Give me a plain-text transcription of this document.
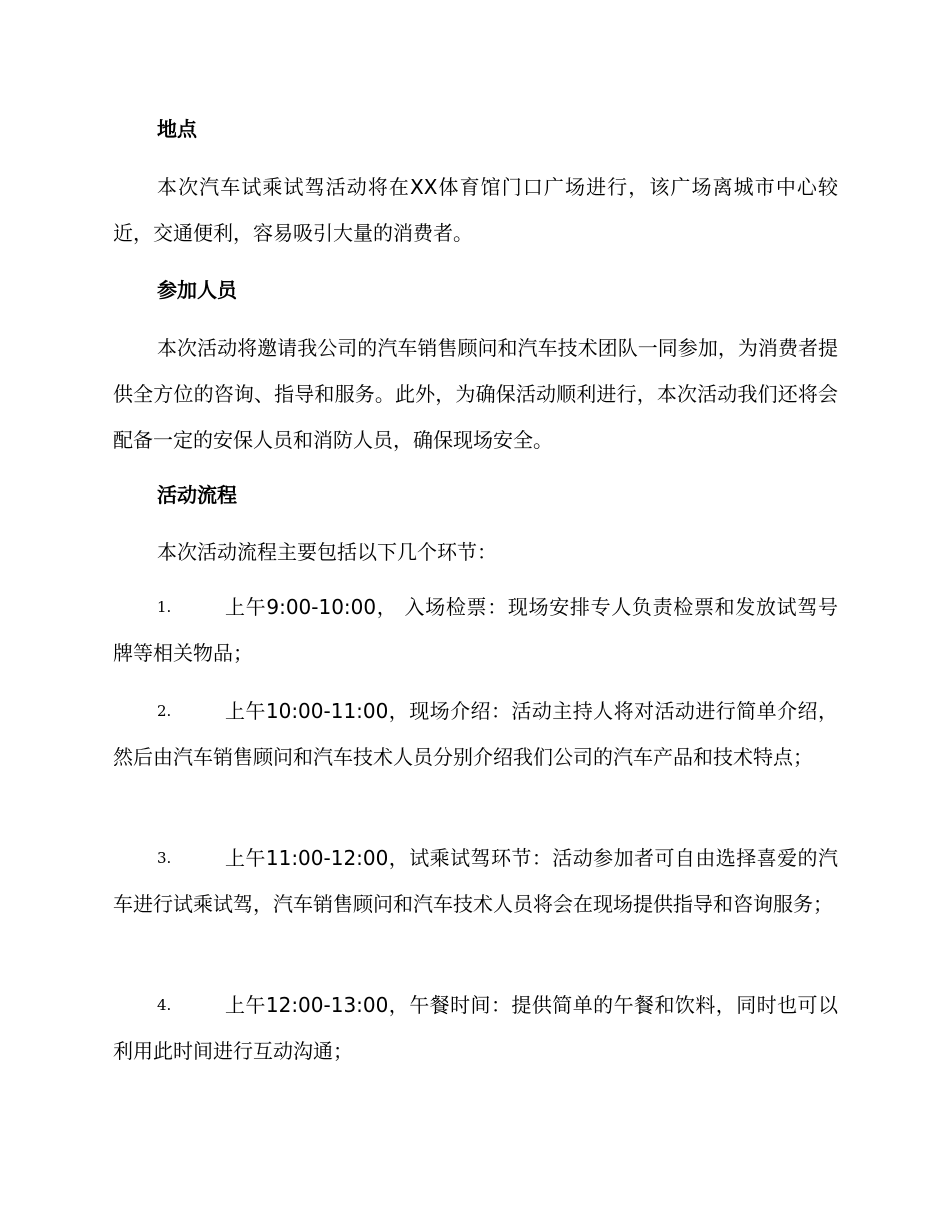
地点
本次汽车试乘试驾活动将在XX体育馆门口广场进行，该广场离城市中心较近，交通便利，容易吸引大量的消费者。
参加人员
本次活动将邀请我公司的汽车销售顾问和汽车技术团队一同参加，为消费者提供全方位的咨询、指导和服务。此外，为确保活动顺利进行，本次活动我们还将会配备一定的安保人员和消防人员，确保现场安全。
活动流程
本次活动流程主要包括以下几个环节：
1.	上午9:00-10:00， 入场检票：现场安排专人负责检票和发放试驾号牌等相关物品；
2.	上午10:00-11:00，现场介绍：活动主持人将对活动进行简单介绍，然后由汽车销售顾问和汽车技术人员分别介绍我们公司的汽车产品和技术特点；
3.	上午11:00-12:00，试乘试驾环节：活动参加者可自由选择喜爱的汽车进行试乘试驾，汽车销售顾问和汽车技术人员将会在现场提供指导和咨询服务；
4.	上午12:00-13:00，午餐时间：提供简单的午餐和饮料，同时也可以利用此时间进行互动沟通；
